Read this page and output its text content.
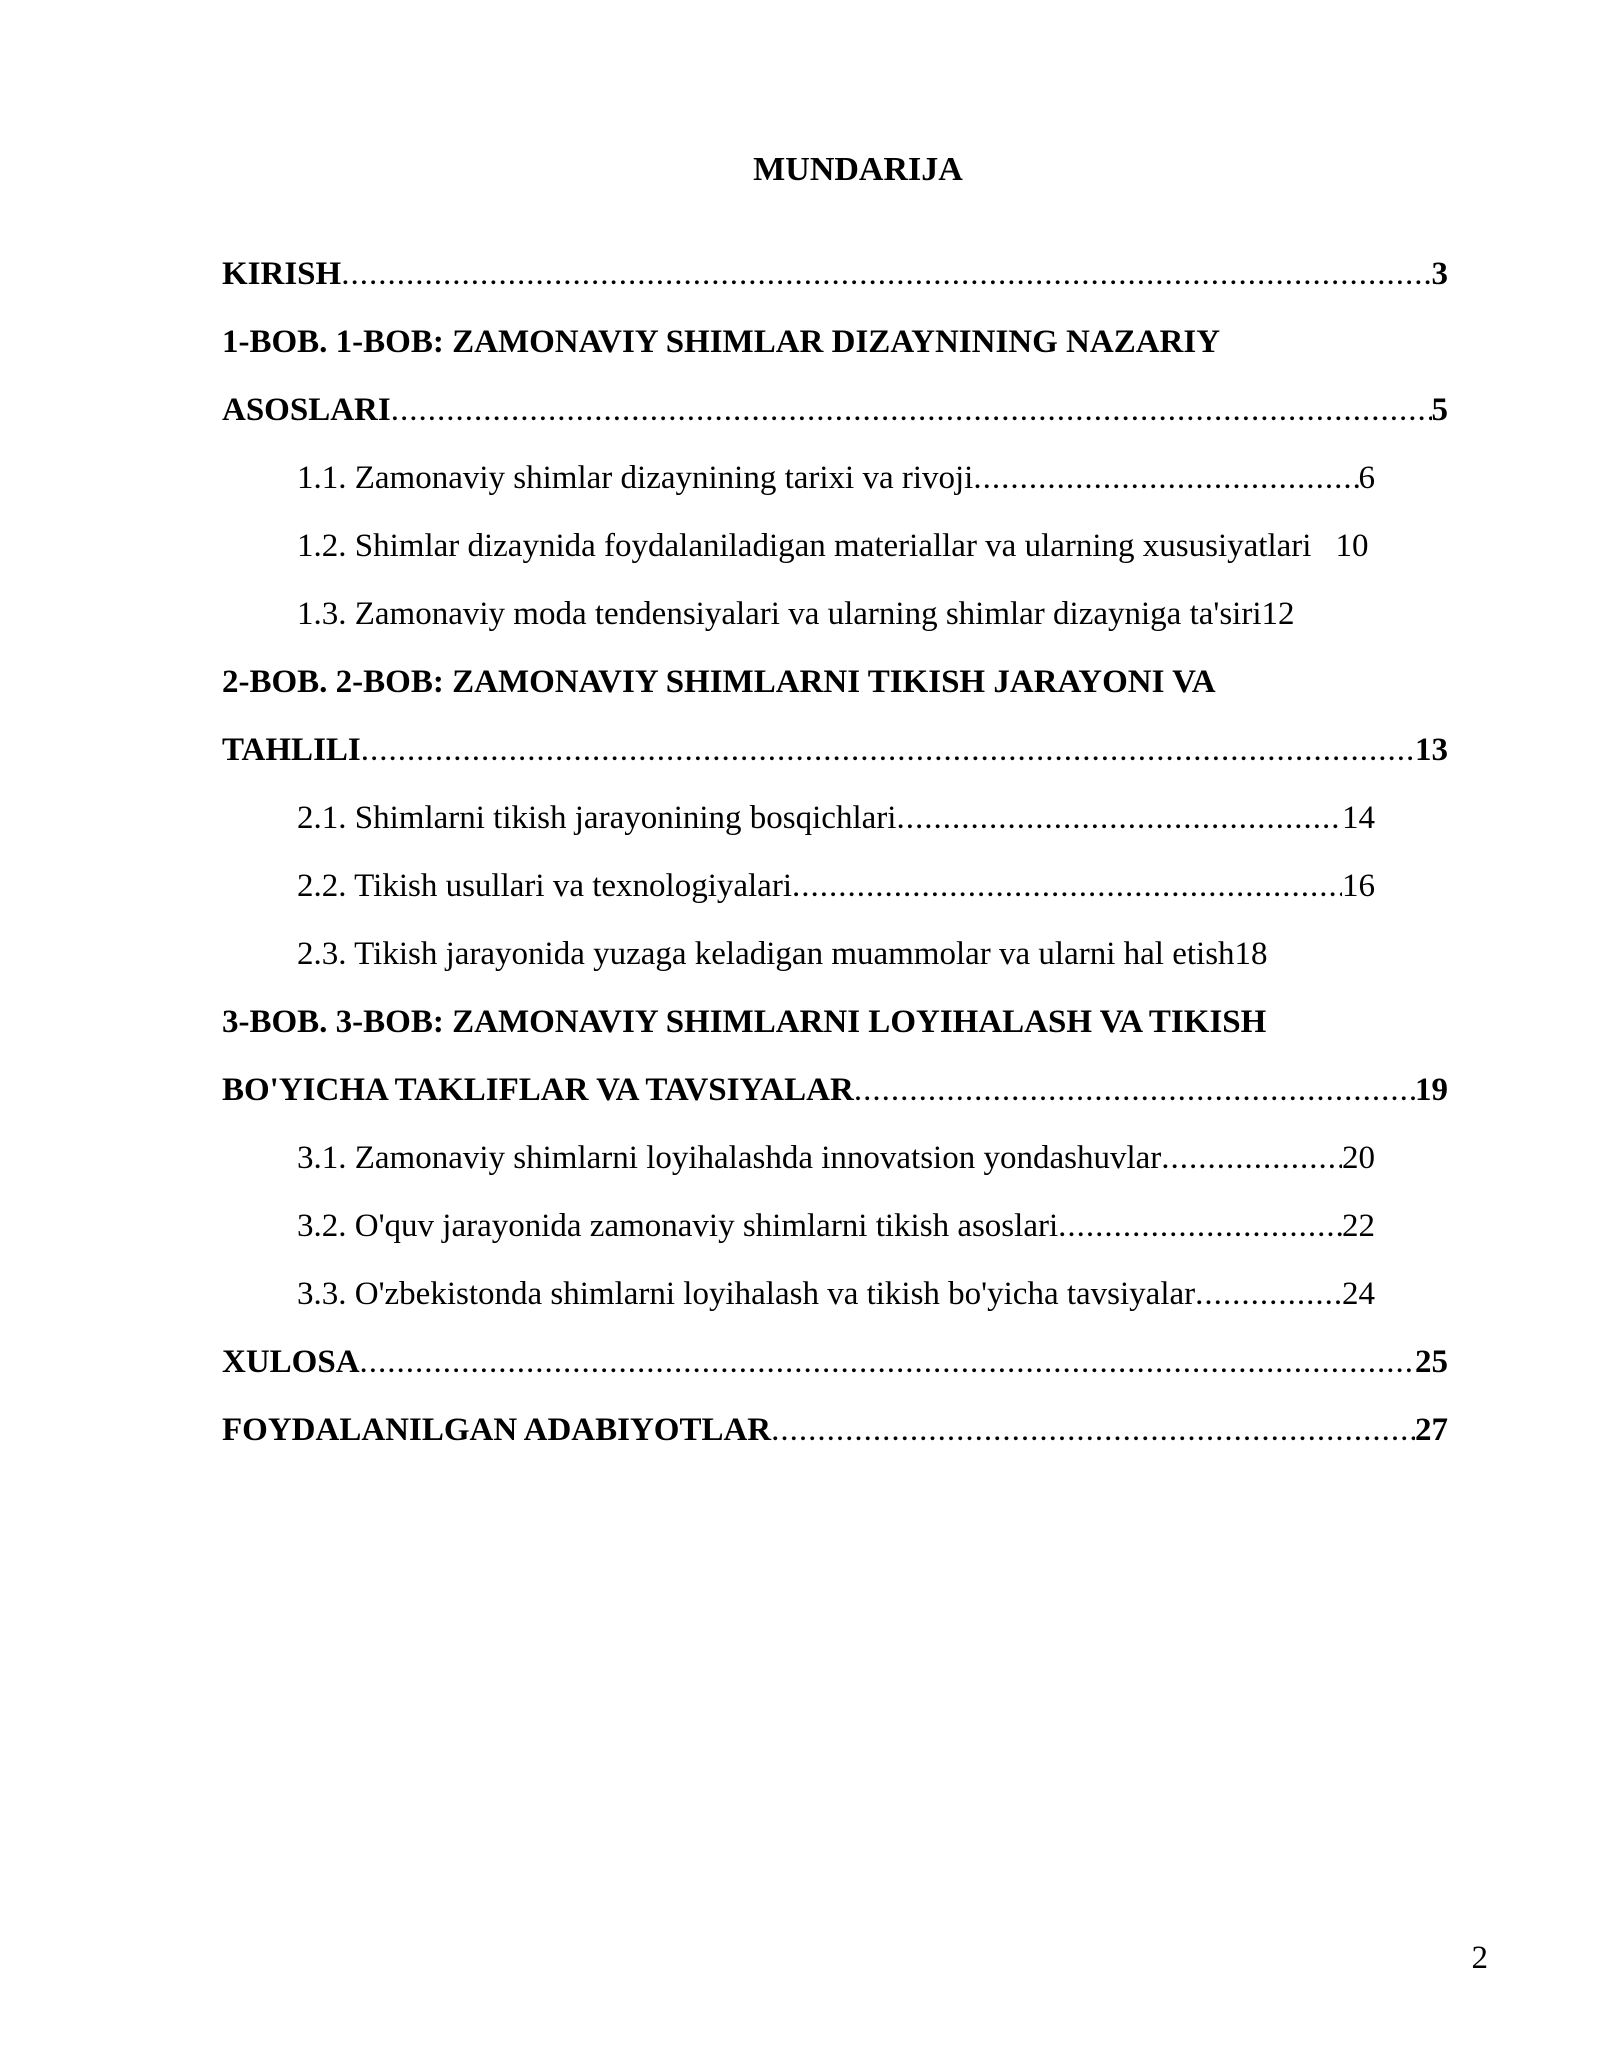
MUNDARIJA
KIRISH .....	3
1-BOB. 1-BOB: ZAMONAVIY SHIMLAR DIZAYNINING NAZARIY
ASOSLARI .....	5
1.1. Zamonaviy shimlar dizaynining tarixi va rivoji .....	6
1.2. Shimlar dizaynida foydalaniladigan materiallar va ularning xususiyatlari 10
1.3. Zamonaviy moda tendensiyalari va ularning shimlar dizayniga ta'siri12
2-BOB. 2-BOB: ZAMONAVIY SHIMLARNI TIKISH JARAYONI VA
TAHLILI .....	13
2.1. Shimlarni tikish jarayonining bosqichlari .....	14
2.2. Tikish usullari va texnologiyalari .....	16
2.3. Tikish jarayonida yuzaga keladigan muammolar va ularni hal etish18
3-BOB. 3-BOB: ZAMONAVIY SHIMLARNI LOYIHALASH VA TIKISH
BO'YICHA TAKLIFLAR VA TAVSIYALAR .....	19
3.1. Zamonaviy shimlarni loyihalashda innovatsion yondashuvlar .....	20
3.2. O'quv jarayonida zamonaviy shimlarni tikish asoslari .....	22
3.3. O'zbekistonda shimlarni loyihalash va tikish bo'yicha tavsiyalar .....	24
XULOSA .....	25
FOYDALANILGAN ADABIYOTLAR .....	27
2
